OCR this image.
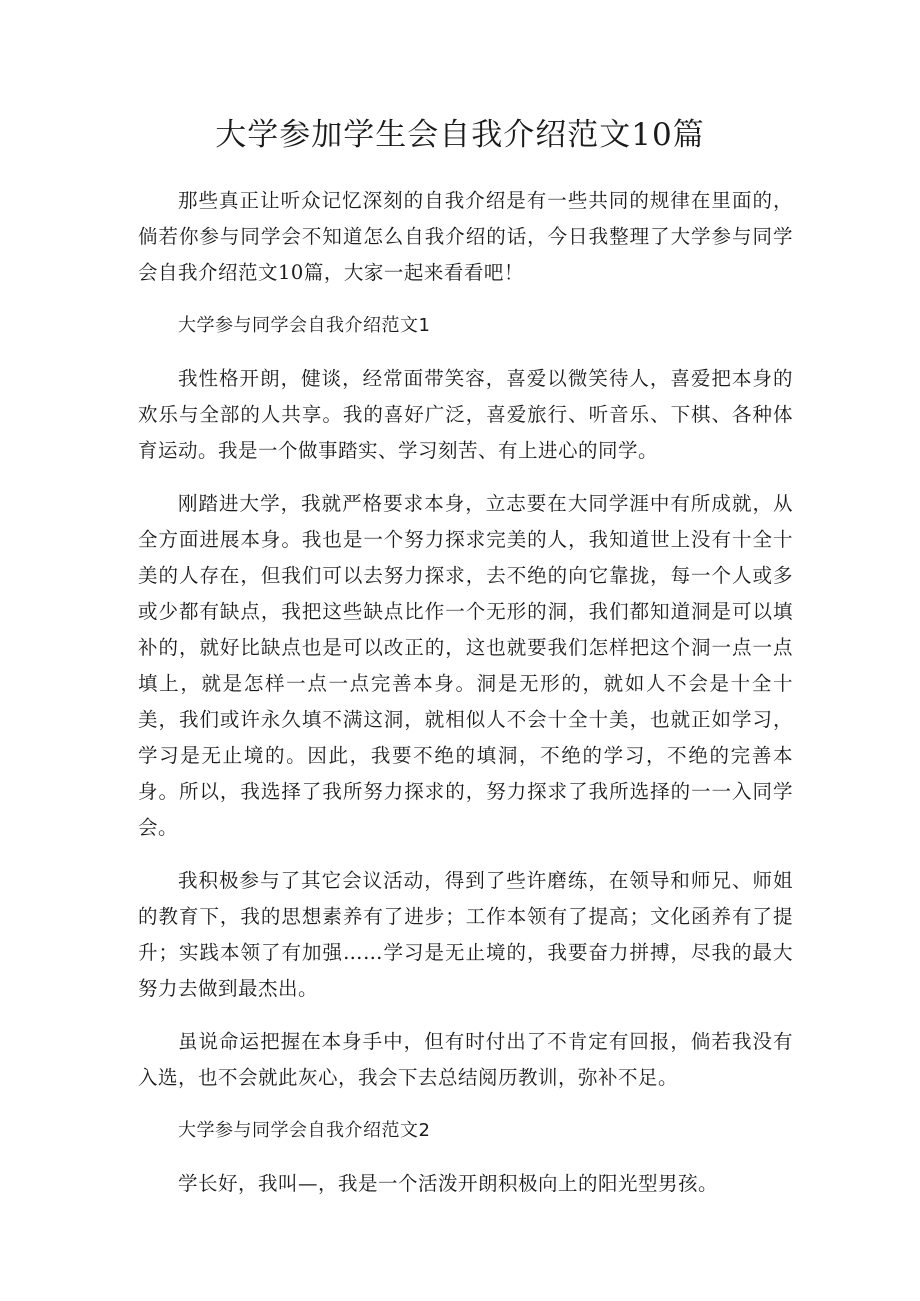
大学参加学生会自我介绍范文10篇

那些真正让听众记忆深刻的自我介绍是有一些共同的规律在里面的，倘若你参与同学会不知道怎么自我介绍的话，今日我整理了大学参与同学会自我介绍范文10篇，大家一起来看看吧！

大学参与同学会自我介绍范文1

我性格开朗，健谈，经常面带笑容，喜爱以微笑待人，喜爱把本身的欢乐与全部的人共享。我的喜好广泛，喜爱旅行、听音乐、下棋、各种体育运动。我是一个做事踏实、学习刻苦、有上进心的同学。

刚踏进大学，我就严格要求本身，立志要在大同学涯中有所成就，从全方面进展本身。我也是一个努力探求完美的人，我知道世上没有十全十美的人存在，但我们可以去努力探求，去不绝的向它靠拢，每一个人或多或少都有缺点，我把这些缺点比作一个无形的洞，我们都知道洞是可以填补的，就好比缺点也是可以改正的，这也就要我们怎样把这个洞一点一点填上，就是怎样一点一点完善本身。洞是无形的，就如人不会是十全十美，我们或许永久填不满这洞，就相似人不会十全十美，也就正如学习，学习是无止境的。因此，我要不绝的填洞，不绝的学习，不绝的完善本身。所以，我选择了我所努力探求的，努力探求了我所选择的一一入同学会。

我积极参与了其它会议活动，得到了些许磨练，在领导和师兄、师姐的教育下，我的思想素养有了进步；工作本领有了提高；文化函养有了提升；实践本领了有加强……学习是无止境的，我要奋力拼搏，尽我的最大努力去做到最杰出。

虽说命运把握在本身手中，但有时付出了不肯定有回报，倘若我没有入选，也不会就此灰心，我会下去总结阅历教训，弥补不足。

大学参与同学会自我介绍范文2

学长好，我叫—，我是一个活泼开朗积极向上的阳光型男孩。
